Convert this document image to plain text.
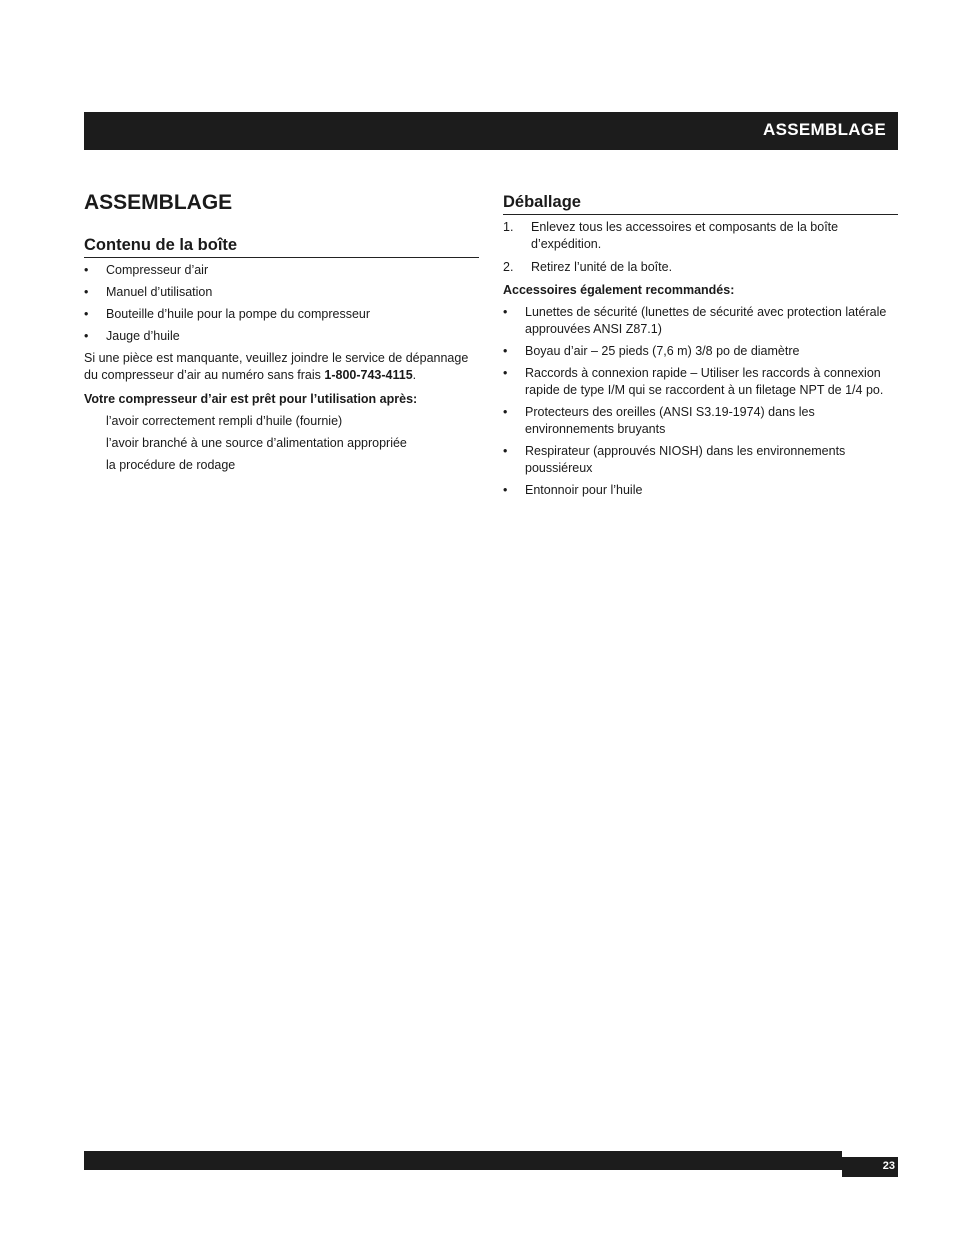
ASSEMBLAGE
ASSEMBLAGE
Contenu de la boîte
•	Compresseur d’air
•	Manuel d’utilisation
•	Bouteille d’huile pour la pompe du compresseur
•	Jauge d’huile

Si une pièce est manquante, veuillez joindre le service de dépannage du compresseur d’air au numéro sans frais 1-800-743-4115.

Votre compresseur d’air est prêt pour l’utilisation après:

l’avoir correctement rempli d’huile (fournie)
l’avoir branché à une source d’alimentation appropriée
la procédure de rodage
Déballage
1.	Enlevez tous les accessoires et composants de la boîte d’expédition.
2.	Retirez l’unité de la boîte.

Accessoires également recommandés:

•	Lunettes de sécurité (lunettes de sécurité avec protection latérale approuvées ANSI Z87.1)
•	Boyau d’air – 25 pieds (7,6 m) 3/8 po de diamètre
•	Raccords à connexion rapide – Utiliser les raccords à connexion rapide de type I/M qui se raccordent à un filetage NPT de 1/4 po.
•	Protecteurs des oreilles (ANSI S3.19-1974) dans les environnements bruyants
•	Respirateur (approuvés NIOSH) dans les environnements poussiéreux
•	Entonnoir pour l’huile
23
